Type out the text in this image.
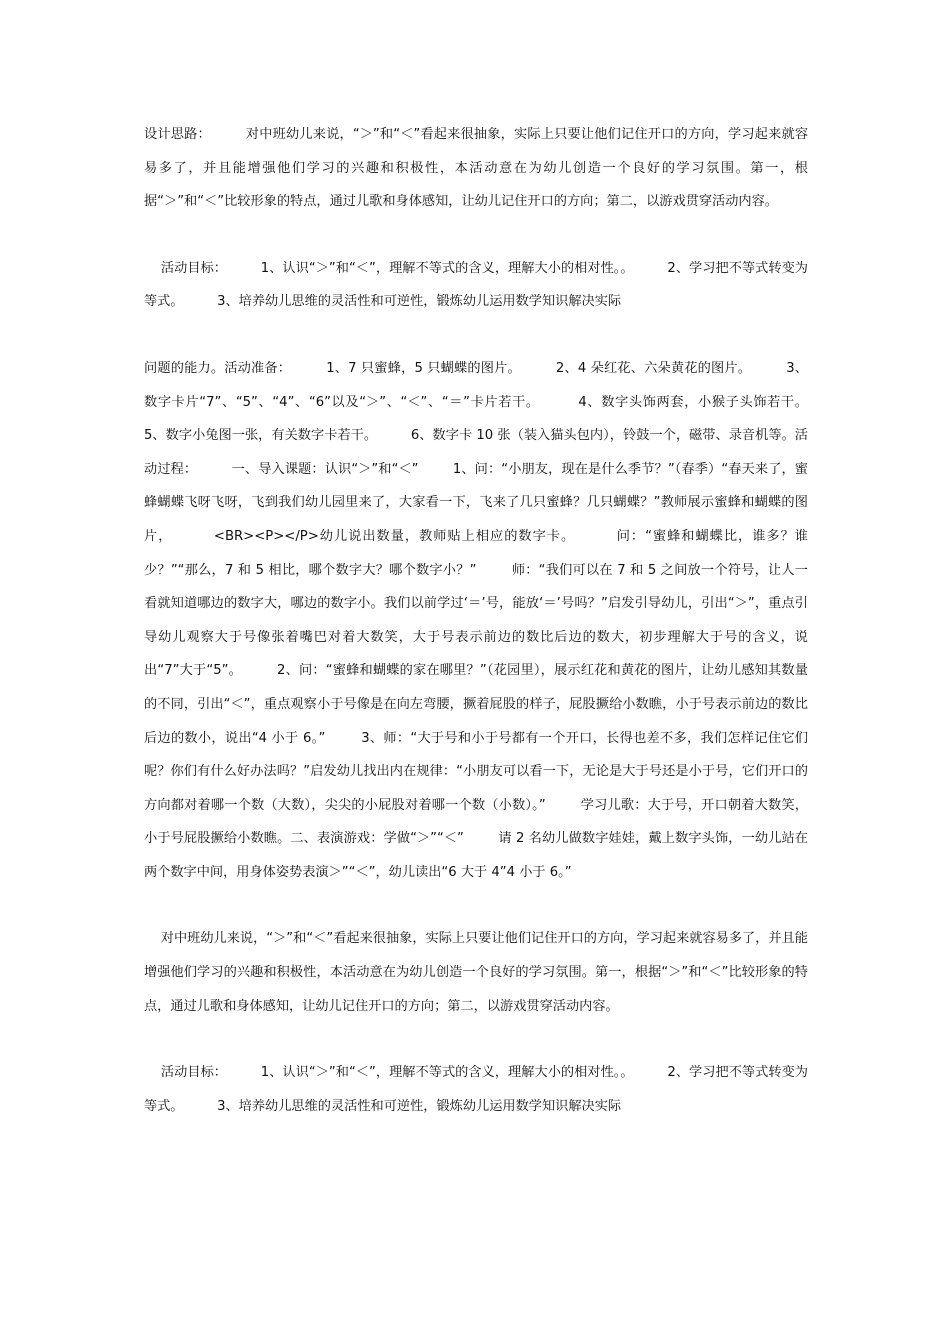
设计思路：        对中班幼儿来说，“＞”和“＜”看起来很抽象，实际上只要让他们记住开口的方向，学习起来就容易多了，并且能增强他们学习的兴趣和积极性，本活动意在为幼儿创造一个良好的学习氛围。第一，根据“＞”和“＜”比较形象的特点，通过儿歌和身体感知，让幼儿记住开口的方向；第二，以游戏贯穿活动内容。

活动目标：        1、认识“＞”和“＜”，理解不等式的含义，理解大小的相对性。。        2、学习把不等式转变为等式。        3、培养幼儿思维的灵活性和可逆性，锻炼幼儿运用数学知识解决实际

问题的能力。活动准备：        1、7 只蜜蜂，5 只蝴蝶的图片。        2、4 朵红花、六朵黄花的图片。        3、数字卡片“7”、“5”、“4”、“6”以及“＞”、“＜”、“＝”卡片若干。        4、数字头饰两套，小猴子头饰若干。        5、数字小兔图一张，有关数字卡若干。        6、数字卡 10 张（装入猫头包内），铃鼓一个，磁带、录音机等。活动过程：        一、导入课题：认识“＞”和“＜”        1、问：“小朋友，现在是什么季节？”（春季）“春天来了，蜜蜂蝴蝶飞呀飞呀，飞到我们幼儿园里来了，大家看一下，飞来了几只蜜蜂？几只蝴蝶？”教师展示蜜蜂和蝴蝶的图片，        <BR><P></P>幼儿说出数量，教师贴上相应的数字卡。        问：“蜜蜂和蝴蝶比，谁多？谁少？”“那么，7 和 5 相比，哪个数字大？哪个数字小？”        师：“我们可以在 7 和 5 之间放一个符号，让人一看就知道哪边的数字大，哪边的数字小。我们以前学过‘＝’号，能放‘＝’号吗？”启发引导幼儿，引出“＞”，重点引导幼儿观察大于号像张着嘴巴对着大数笑，大于号表示前边的数比后边的数大，初步理解大于号的含义，说出“7”大于“5”。        2、问：“蜜蜂和蝴蝶的家在哪里？”（花园里），展示红花和黄花的图片，让幼儿感知其数量的不同，引出“＜”，重点观察小于号像是在向左弯腰，撅着屁股的样子，屁股撅给小数瞧，小于号表示前边的数比后边的数小，说出“4 小于 6。”        3、师：“大于号和小于号都有一个开口，长得也差不多，我们怎样记住它们呢？你们有什么好办法吗？”启发幼儿找出内在规律：“小朋友可以看一下，无论是大于号还是小于号，它们开口的方向都对着哪一个数（大数），尖尖的小屁股对着哪一个数（小数）。”        学习儿歌：大于号，开口朝着大数笑，小于号屁股撅给小数瞧。二、表演游戏：学做“＞”“＜”        请 2 名幼儿做数字娃娃，戴上数字头饰，一幼儿站在两个数字中间，用身体姿势表演＞”“＜”，幼儿读出“6 大于 4”4 小于 6。”

对中班幼儿来说，“＞”和“＜”看起来很抽象，实际上只要让他们记住开口的方向，学习起来就容易多了，并且能增强他们学习的兴趣和积极性，本活动意在为幼儿创造一个良好的学习氛围。第一，根据“＞”和“＜”比较形象的特点，通过儿歌和身体感知，让幼儿记住开口的方向；第二，以游戏贯穿活动内容。

活动目标：        1、认识“＞”和“＜”，理解不等式的含义，理解大小的相对性。。        2、学习把不等式转变为等式。        3、培养幼儿思维的灵活性和可逆性，锻炼幼儿运用数学知识解决实际
